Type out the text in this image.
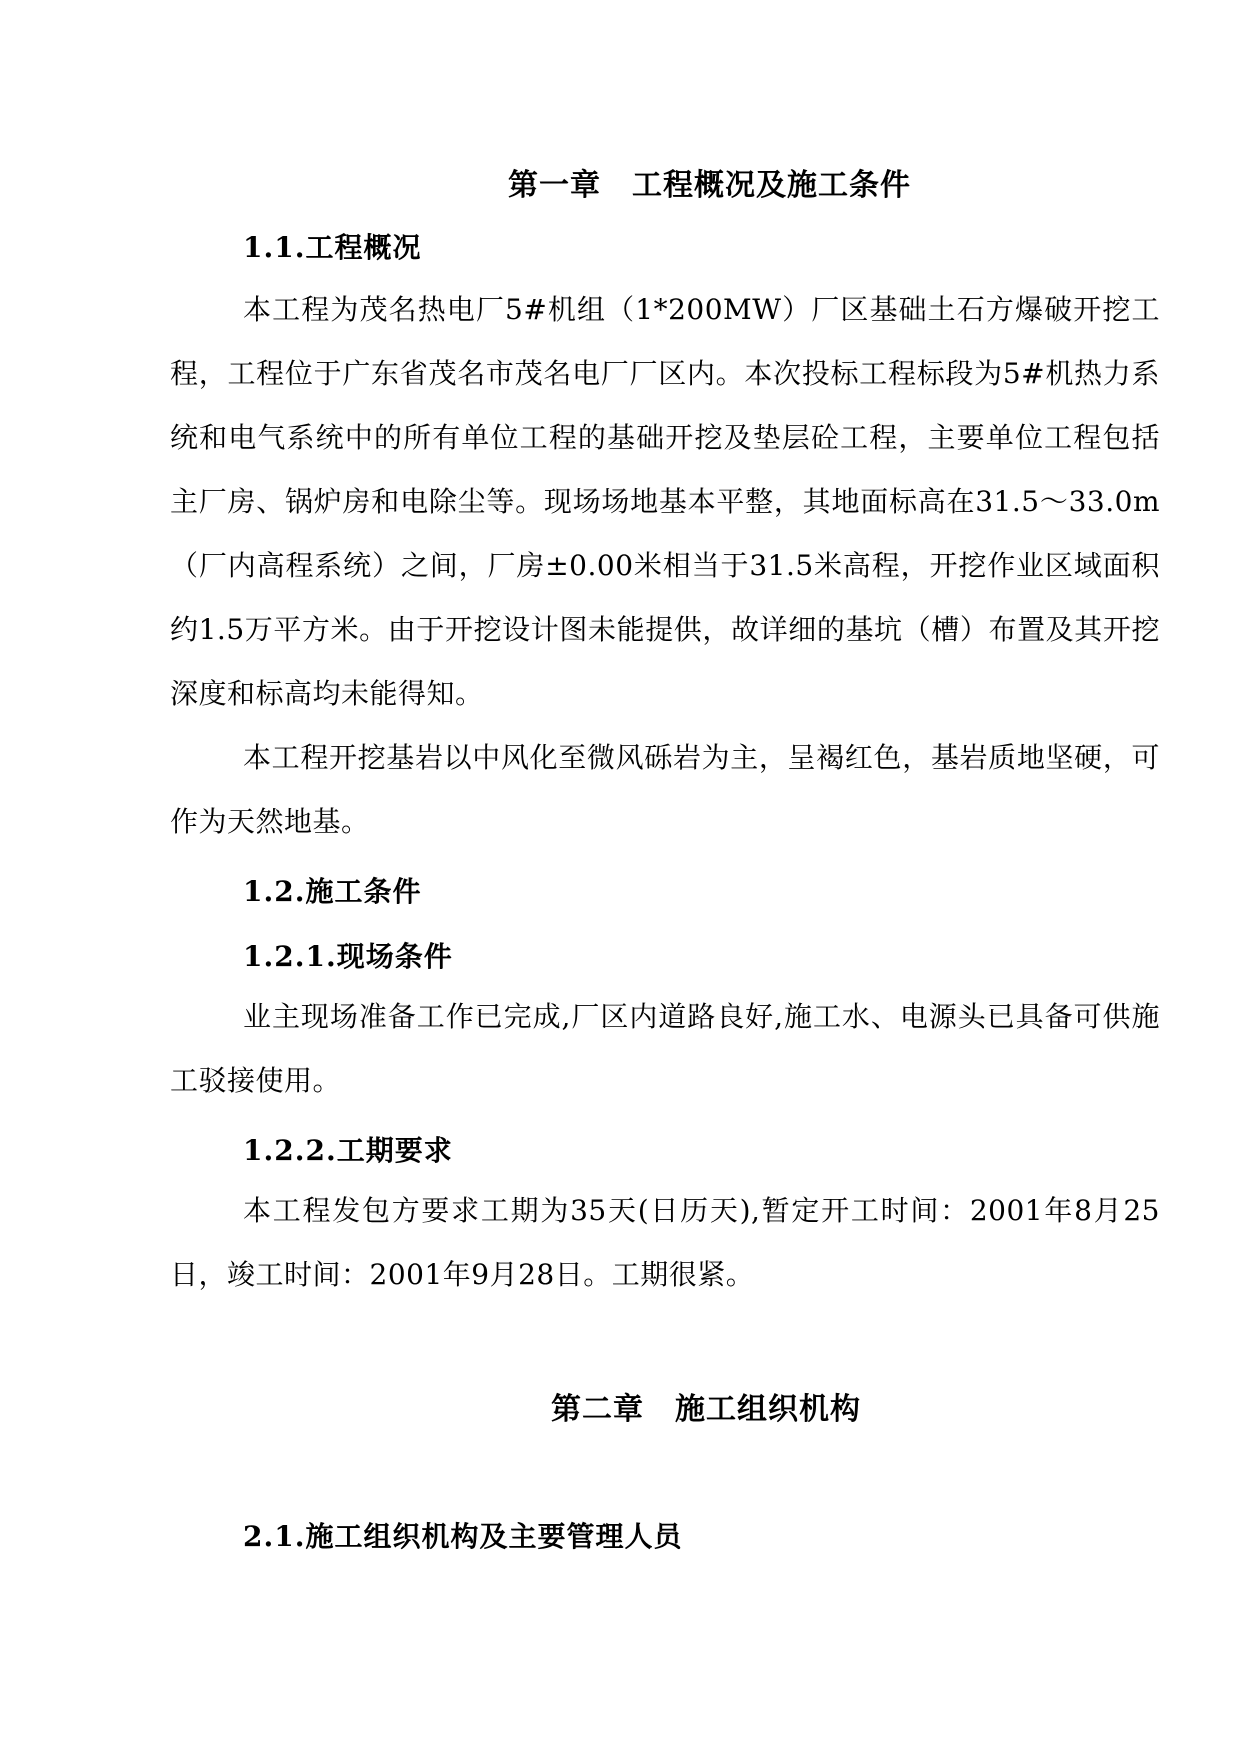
第一章　工程概况及施工条件
1.1.工程概况

本工程为茂名热电厂5#机组（1*200MW）厂区基础土石方爆破开挖工程，工程位于广东省茂名市茂名电厂厂区内。本次投标工程标段为5#机热力系统和电气系统中的所有单位工程的基础开挖及垫层砼工程，主要单位工程包括主厂房、锅炉房和电除尘等。现场场地基本平整，其地面标高在31.5～33.0m（厂内高程系统）之间，厂房±0.00米相当于31.5米高程，开挖作业区域面积约1.5万平方米。由于开挖设计图未能提供，故详细的基坑（槽）布置及其开挖深度和标高均未能得知。

本工程开挖基岩以中风化至微风砾岩为主，呈褐红色，基岩质地坚硬，可作为天然地基。

1.2.施工条件
1.2.1.现场条件

业主现场准备工作已完成,厂区内道路良好,施工水、电源头已具备可供施工驳接使用。

1.2.2.工期要求

本工程发包方要求工期为35天(日历天),暂定开工时间：2001年8月25日，竣工时间：2001年9月28日。工期很紧。

第二章　施工组织机构
2.1.施工组织机构及主要管理人员
